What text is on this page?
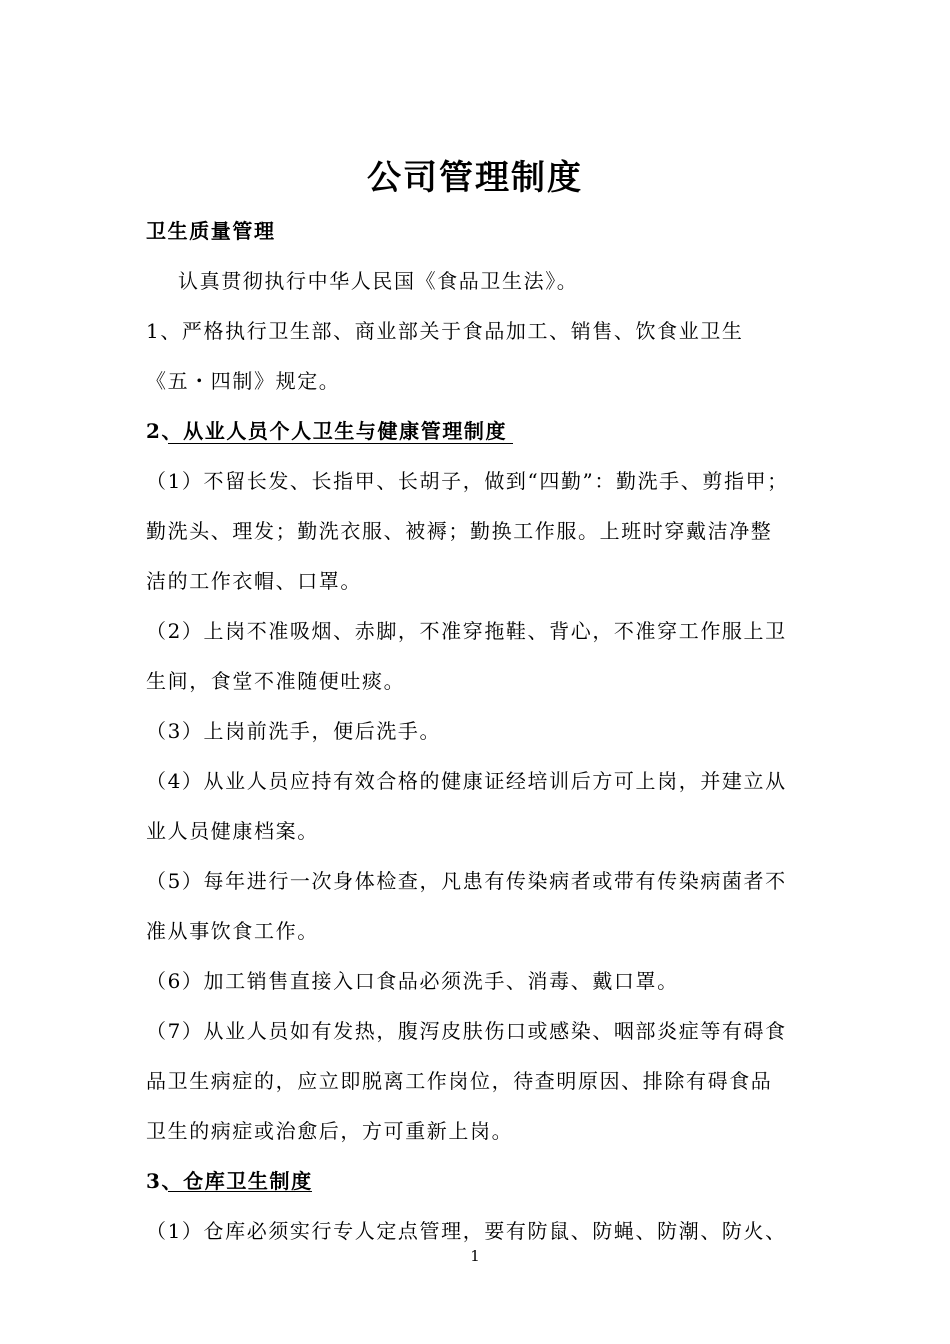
公司管理制度
卫生质量管理
认真贯彻执行中华人民国《食品卫生法》。
1、严格执行卫生部、商业部关于食品加工、销售、饮食业卫生
《五・四制》规定。
2、从业人员个人卫生与健康管理制度
（1）不留长发、长指甲、长胡子，做到“四勤”：勤洗手、剪指甲；
勤洗头、理发；勤洗衣服、被褥；勤换工作服。上班时穿戴洁净整
洁的工作衣帽、口罩。
（2）上岗不准吸烟、赤脚，不准穿拖鞋、背心，不准穿工作服上卫
生间，食堂不准随便吐痰。
（3）上岗前洗手，便后洗手。
（4）从业人员应持有效合格的健康证经培训后方可上岗，并建立从
业人员健康档案。
（5）每年进行一次身体检查，凡患有传染病者或带有传染病菌者不
准从事饮食工作。
（6）加工销售直接入口食品必须洗手、消毒、戴口罩。
（7）从业人员如有发热，腹泻皮肤伤口或感染、咽部炎症等有碍食
品卫生病症的，应立即脱离工作岗位，待查明原因、排除有碍食品
卫生的病症或治愈后，方可重新上岗。
3、仓库卫生制度
（1）仓库必须实行专人定点管理，要有防鼠、防蝇、防潮、防火、
1
